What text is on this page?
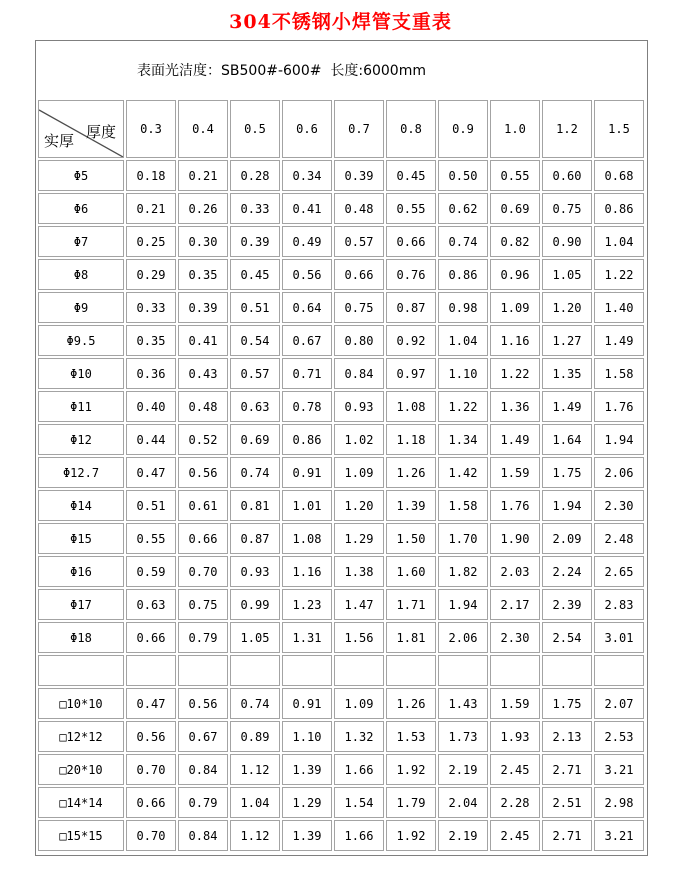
304不锈钢小焊管支重表
表面光洁度：SB500#-600#  长度:6000mm
厚度
实厚	0.3	0.4	0.5	0.6	0.7	0.8	0.9	1.0	1.2	1.5
Φ5	0.18	0.21	0.28	0.34	0.39	0.45	0.50	0.55	0.60	0.68
Φ6	0.21	0.26	0.33	0.41	0.48	0.55	0.62	0.69	0.75	0.86
Φ7	0.25	0.30	0.39	0.49	0.57	0.66	0.74	0.82	0.90	1.04
Φ8	0.29	0.35	0.45	0.56	0.66	0.76	0.86	0.96	1.05	1.22
Φ9	0.33	0.39	0.51	0.64	0.75	0.87	0.98	1.09	1.20	1.40
Φ9.5	0.35	0.41	0.54	0.67	0.80	0.92	1.04	1.16	1.27	1.49
Φ10	0.36	0.43	0.57	0.71	0.84	0.97	1.10	1.22	1.35	1.58
Φ11	0.40	0.48	0.63	0.78	0.93	1.08	1.22	1.36	1.49	1.76
Φ12	0.44	0.52	0.69	0.86	1.02	1.18	1.34	1.49	1.64	1.94
Φ12.7	0.47	0.56	0.74	0.91	1.09	1.26	1.42	1.59	1.75	2.06
Φ14	0.51	0.61	0.81	1.01	1.20	1.39	1.58	1.76	1.94	2.30
Φ15	0.55	0.66	0.87	1.08	1.29	1.50	1.70	1.90	2.09	2.48
Φ16	0.59	0.70	0.93	1.16	1.38	1.60	1.82	2.03	2.24	2.65
Φ17	0.63	0.75	0.99	1.23	1.47	1.71	1.94	2.17	2.39	2.83
Φ18	0.66	0.79	1.05	1.31	1.56	1.81	2.06	2.30	2.54	3.01

□10*10	0.47	0.56	0.74	0.91	1.09	1.26	1.43	1.59	1.75	2.07
□12*12	0.56	0.67	0.89	1.10	1.32	1.53	1.73	1.93	2.13	2.53
□20*10	0.70	0.84	1.12	1.39	1.66	1.92	2.19	2.45	2.71	3.21
□14*14	0.66	0.79	1.04	1.29	1.54	1.79	2.04	2.28	2.51	2.98
□15*15	0.70	0.84	1.12	1.39	1.66	1.92	2.19	2.45	2.71	3.21
